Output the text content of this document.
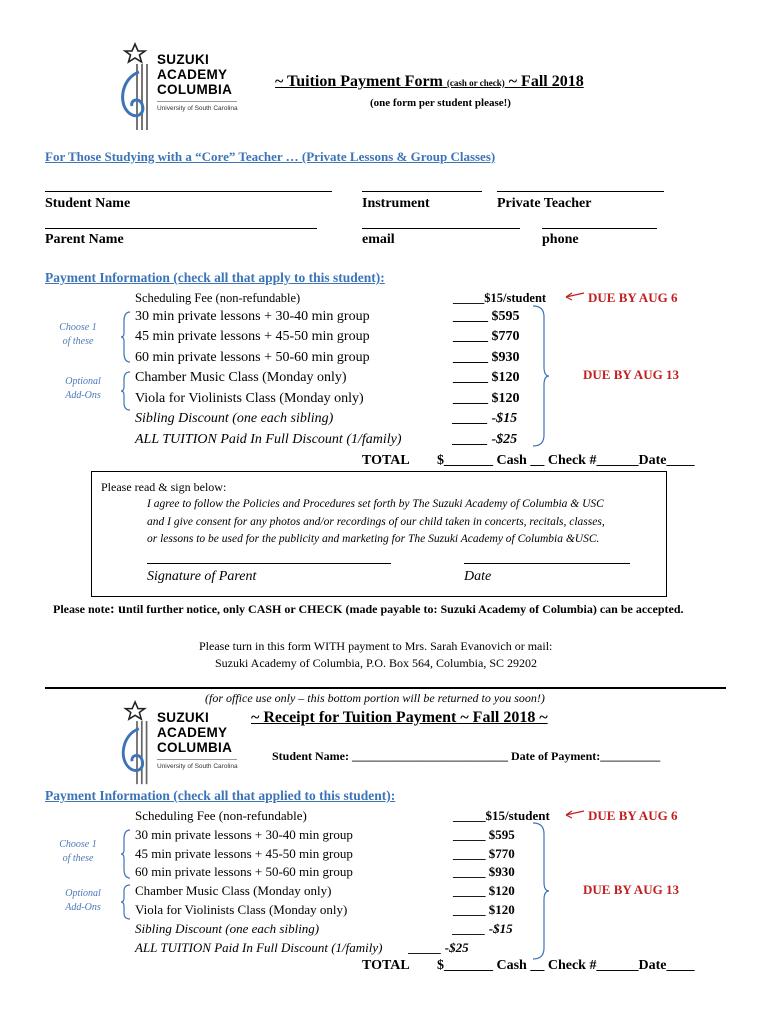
SUZUKI
ACADEMY
COLUMBIA
University of South Carolina
~ Tuition Payment Form (cash or check) ~ Fall 2018
(one form per student please!)
For Those Studying with a “Core” Teacher … (Private Lessons & Group Classes)
Student Name	Instrument	Private Teacher
Parent Name	email	phone
Payment Information (check all that apply to this student):
Scheduling Fee (non-refundable)	_____$15/student	DUE BY AUG 6
30 min private lessons + 30-40 min group	_____ $595
45 min private lessons + 45-50 min group	_____ $770
60 min private lessons + 50-60 min group	_____ $930
Chamber Music Class (Monday only)	_____ $120
Viola for Violinists Class (Monday only)	_____ $120
Sibling Discount (one each sibling)	_____ -$15
ALL TUITION Paid In Full Discount (1/family)	_____ -$25
DUE BY AUG 13
Choose 1
of these
Optional
Add-Ons
TOTAL $_______ Cash __ Check #______Date____
Please read & sign below:
I agree to follow the Policies and Procedures set forth by The Suzuki Academy of Columbia & USC
and I give consent for any photos and/or recordings of our child taken in concerts, recitals, classes,
or lessons to be used for the publicity and marketing for The Suzuki Academy of Columbia &USC.
Signature of Parent	Date
Please note: until further notice, only CASH or CHECK (made payable to: Suzuki Academy of Columbia) can be accepted.
Please turn in this form WITH payment to Mrs. Sarah Evanovich or mail:
Suzuki Academy of Columbia, P.O. Box 564, Columbia, SC 29202
(for office use only – this bottom portion will be returned to you soon!)
SUZUKI
ACADEMY
COLUMBIA
University of South Carolina
~ Receipt for Tuition Payment ~ Fall 2018 ~
Student Name: __________________________ Date of Payment:__________
Payment Information (check all that applied to this student):
Scheduling Fee (non-refundable)	_____$15/student	DUE BY AUG 6
30 min private lessons + 30-40 min group	_____ $595
45 min private lessons + 45-50 min group	_____ $770
60 min private lessons + 50-60 min group	_____ $930
Chamber Music Class (Monday only)	_____ $120
Viola for Violinists Class (Monday only)	_____ $120
Sibling Discount (one each sibling)	_____ -$15
ALL TUITION Paid In Full Discount (1/family) _____ -$25
DUE BY AUG 13
Choose 1
of these
Optional
Add-Ons
TOTAL $_______ Cash __ Check #______Date____
